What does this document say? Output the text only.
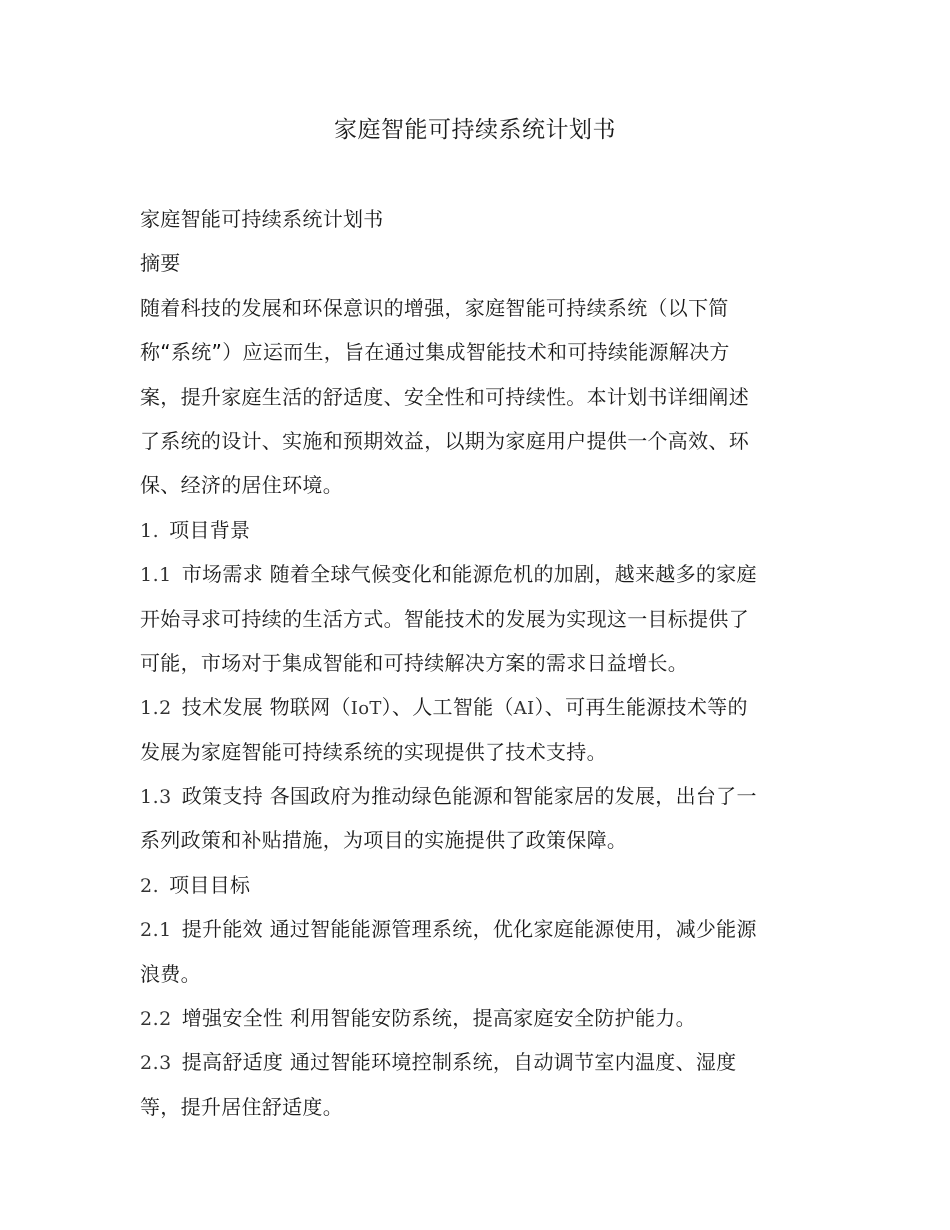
家庭智能可持续系统计划书
家庭智能可持续系统计划书
摘要
随着科技的发展和环保意识的增强，家庭智能可持续系统（以下简
称“系统”）应运而生，旨在通过集成智能技术和可持续能源解决方
案，提升家庭生活的舒适度、安全性和可持续性。本计划书详细阐述
了系统的设计、实施和预期效益，以期为家庭用户提供一个高效、环
保、经济的居住环境。
1. 项目背景
1.1 市场需求 随着全球气候变化和能源危机的加剧，越来越多的家庭
开始寻求可持续的生活方式。智能技术的发展为实现这一目标提供了
可能，市场对于集成智能和可持续解决方案的需求日益增长。
1.2 技术发展 物联网（IoT）、人工智能（AI）、可再生能源技术等的
发展为家庭智能可持续系统的实现提供了技术支持。
1.3 政策支持 各国政府为推动绿色能源和智能家居的发展，出台了一
系列政策和补贴措施，为项目的实施提供了政策保障。
2. 项目目标
2.1 提升能效 通过智能能源管理系统，优化家庭能源使用，减少能源
浪费。
2.2 增强安全性 利用智能安防系统，提高家庭安全防护能力。
2.3 提高舒适度 通过智能环境控制系统，自动调节室内温度、湿度
等，提升居住舒适度。
